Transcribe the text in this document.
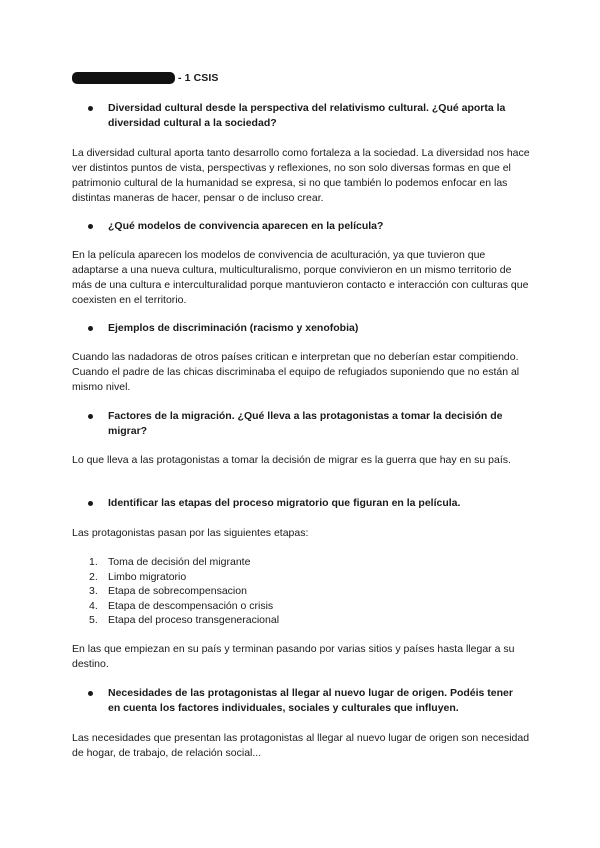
- 1 CSIS
Diversidad cultural desde la perspectiva del relativismo cultural. ¿Qué aporta la diversidad cultural a la sociedad?
La diversidad cultural aporta tanto desarrollo como fortaleza a la sociedad. La diversidad nos hace ver distintos puntos de vista, perspectivas y reflexiones, no son solo diversas formas en que el patrimonio cultural de la humanidad se expresa, si no que también lo podemos enfocar en las distintas maneras de hacer, pensar o de incluso crear.
¿Qué modelos de convivencia aparecen en la película?
En la película aparecen los modelos de convivencia de aculturación, ya que tuvieron que adaptarse a una nueva cultura, multiculturalismo, porque convivieron en un mismo territorio de más de una cultura e interculturalidad porque mantuvieron contacto e interacción con culturas que coexisten en el territorio.
Ejemplos de discriminación (racismo y xenofobia)
Cuando las nadadoras de otros países critican e interpretan que no deberían estar compitiendo. Cuando el padre de las chicas discriminaba el equipo de refugiados suponiendo que no están al mismo nivel.
Factores de la migración. ¿Qué lleva a las protagonistas a tomar la decisión de migrar?
Lo que lleva a las protagonistas a tomar la decisión de migrar es la guerra que hay en su país.
Identificar las etapas del proceso migratorio que figuran en la película.
Las protagonistas pasan por las siguientes etapas:
1. Toma de decisión del migrante
2. Limbo migratorio
3. Etapa de sobrecompensacion
4. Etapa de descompensación o crisis
5. Etapa del proceso transgeneracional
En las que empiezan en su país y terminan pasando por varias sitios y países hasta llegar a su destino.
Necesidades de las protagonistas al llegar al nuevo lugar de origen. Podéis tener en cuenta los factores individuales, sociales y culturales que influyen.
Las necesidades que presentan las protagonistas al llegar al nuevo lugar de origen son necesidad de hogar, de trabajo, de relación social...
